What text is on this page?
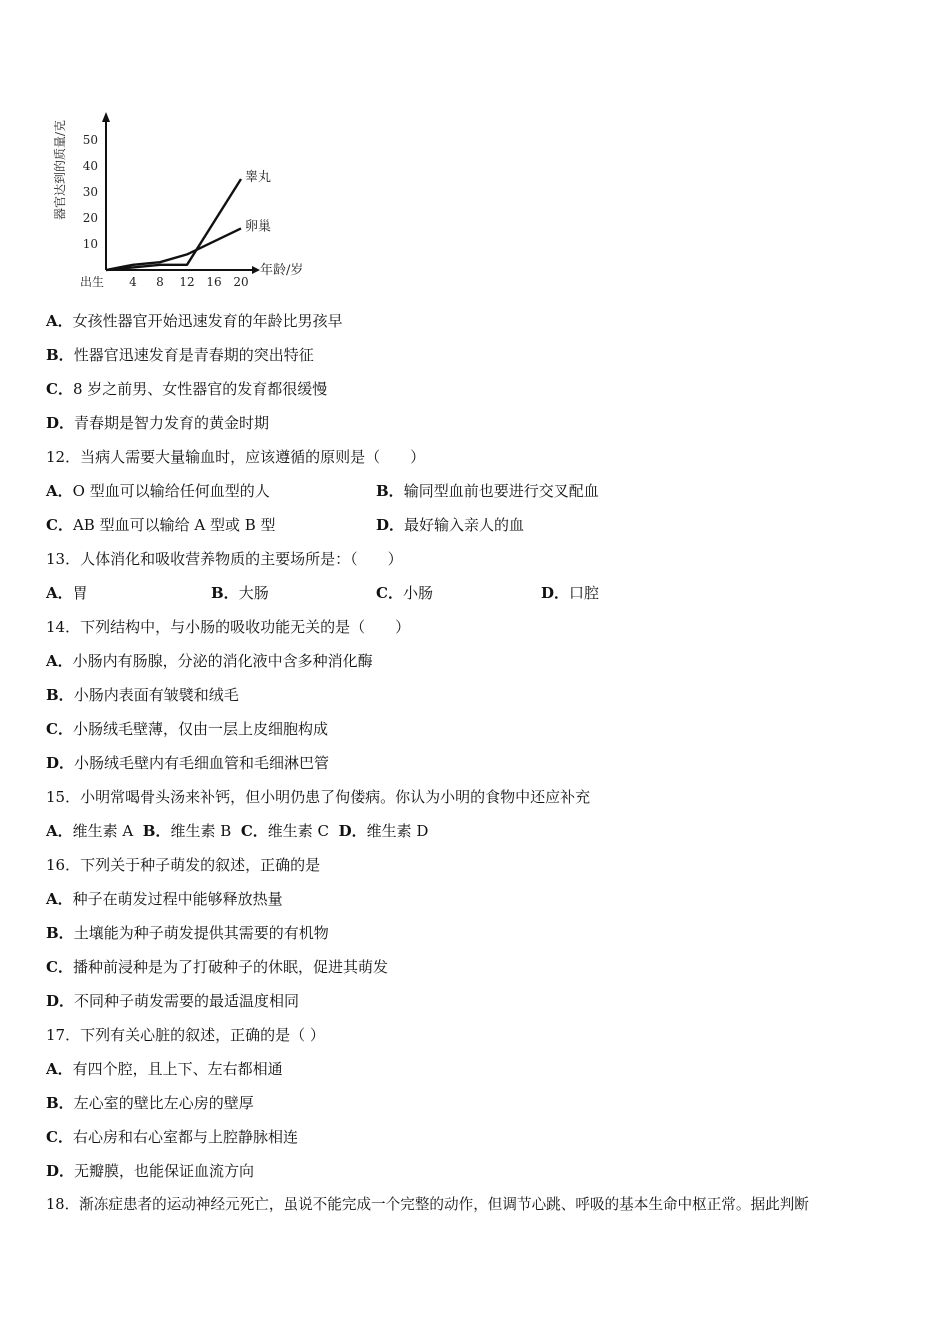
器官达到的质量/克
出生 4 8 12 16 20
10
20
30
40
50
睾丸
卵巢
年龄/岁
A．女孩性器官开始迅速发育的年龄比男孩早
B．性器官迅速发育是青春期的突出特征
C．8 岁之前男、女性器官的发育都很缓慢
D．青春期是智力发育的黄金时期
12．当病人需要大量输血时，应该遵循的原则是（　　）
A．O 型血可以输给任何血型的人	B．输同型血前也要进行交叉配血
C．AB 型血可以输给 A 型或 B 型	D．最好输入亲人的血
13．人体消化和吸收营养物质的主要场所是：（　　）
A．胃	B．大肠	C．小肠	D．口腔
14．下列结构中，与小肠的吸收功能无关的是（　　）
A．小肠内有肠腺，分泌的消化液中含多种消化酶
B．小肠内表面有皱襞和绒毛
C．小肠绒毛壁薄，仅由一层上皮细胞构成
D．小肠绒毛壁内有毛细血管和毛细淋巴管
15．小明常喝骨头汤来补钙，但小明仍患了佝偻病。你认为小明的食物中还应补充
A．维生素 A B．维生素 B C．维生素 C D．维生素 D
16．下列关于种子萌发的叙述，正确的是
A．种子在萌发过程中能够释放热量
B．土壤能为种子萌发提供其需要的有机物
C．播种前浸种是为了打破种子的休眠，促进其萌发
D．不同种子萌发需要的最适温度相同
17．下列有关心脏的叙述，正确的是（ ）
A．有四个腔，且上下、左右都相通
B．左心室的壁比左心房的壁厚
C．右心房和右心室都与上腔静脉相连
D．无瓣膜，也能保证血流方向
18．渐冻症患者的运动神经元死亡，虽说不能完成一个完整的动作，但调节心跳、呼吸的基本生命中枢正常。据此判断
